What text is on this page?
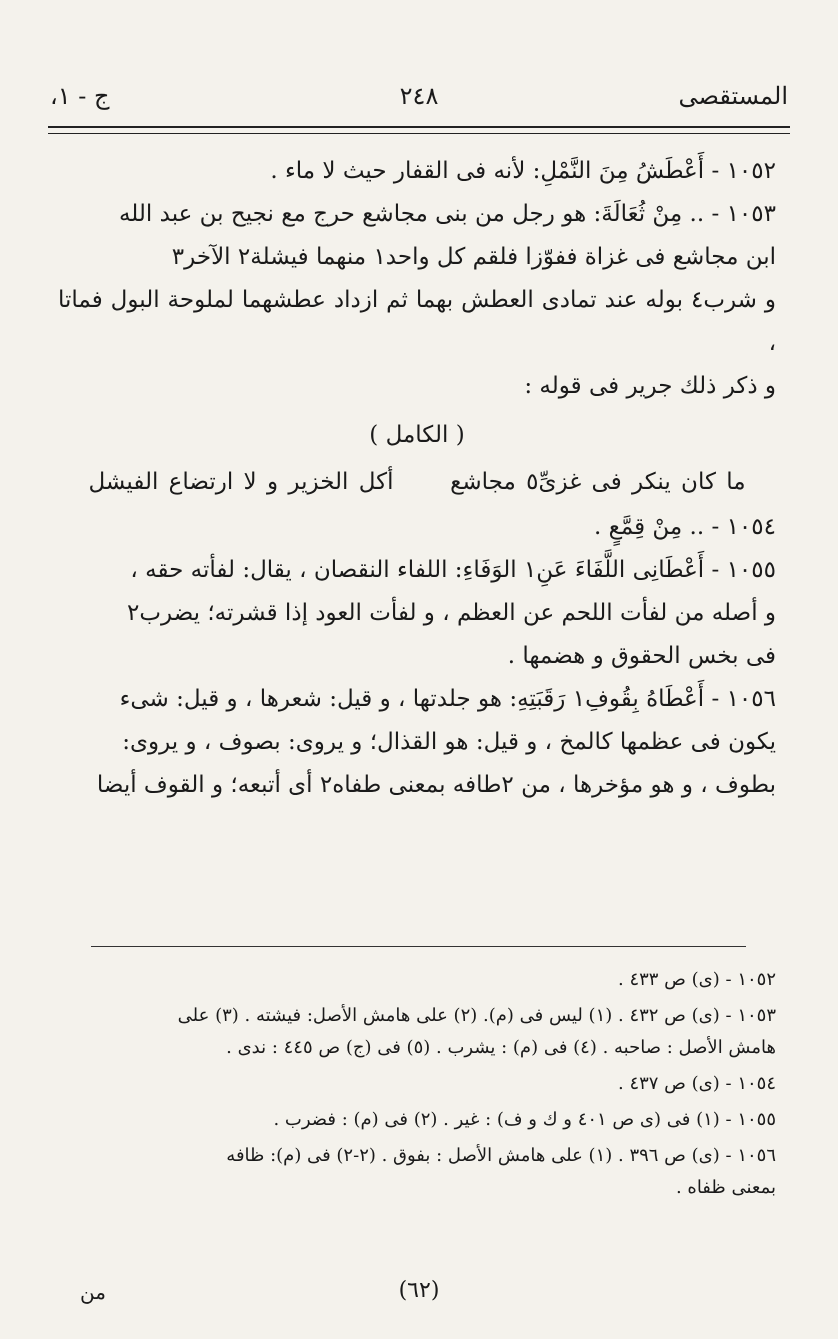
المستقصى
٢٤٨
ج - ١،

١٠٥٢ - أَعْطَشُ مِنَ النَّمْلِ: لأنه فى القفار حيث لا ماء .

١٠٥٣ - .. مِنْ ثُعَالَةَ: هو رجل من بنى مجاشع حرج مع نجيح بن عبد الله
ابن مجاشع فى غزاة ففوّزا فلقم كل واحد١ منهما فيشلة٢ الآخر٣
و شرب٤ بوله عند تمادى العطش بهما ثم ازداد عطشهما لملوحة البول فماتا ،
و ذكر ذلك جرير فى قوله :

( الكامل )

ما كان ينكر فى غزىِّ٥ مجاشع  أكل الخزير و لا ارتضاع الفيشل

١٠٥٤ - .. مِنْ قِمَّعٍ .

١٠٥٥ - أَعْطَانِى اللَّفَاءَ عَنِ١ الوَفَاءِ: اللفاء النقصان ، يقال: لفأته حقه ،
و أصله من لفأت اللحم عن العظم ، و لفأت العود إذا قشرته؛ يضرب٢
فى بخس الحقوق و هضمها .

١٠٥٦ - أَعْطَاهُ بِقُوفِ١ رَقَبَتِهِ: هو جلدتها ، و قيل: شعرها ، و قيل: شىء
يكون فى عظمها كالمخ ، و قيل: هو القذال؛ و يروى: بصوف ، و يروى:
بطوف ، و هو مؤخرها ، من ٢طافه بمعنى طفاه٢ أى أتبعه؛ و القوف أيضا

١٠٥٢ - (ى) ص ٤٣٣ .

١٠٥٣ - (ى) ص ٤٣٢ . (١) ليس فى (م). (٢) على هامش الأصل: فيشته . (٣) على
هامش الأصل : صاحبه . (٤) فى (م) : يشرب . (٥) فى (ج) ص ٤٤٥ : ندى .

١٠٥٤ - (ى) ص ٤٣٧ .

١٠٥٥ - (١) فى (ى ص ٤٠١ و ك و ف) : غير . (٢) فى (م) : فضرب .

١٠٥٦ - (ى) ص ٣٩٦ . (١) على هامش الأصل : بفوق . (٢-٢) فى (م): ظافه
بمعنى ظفاه .

(٦٢)
من
